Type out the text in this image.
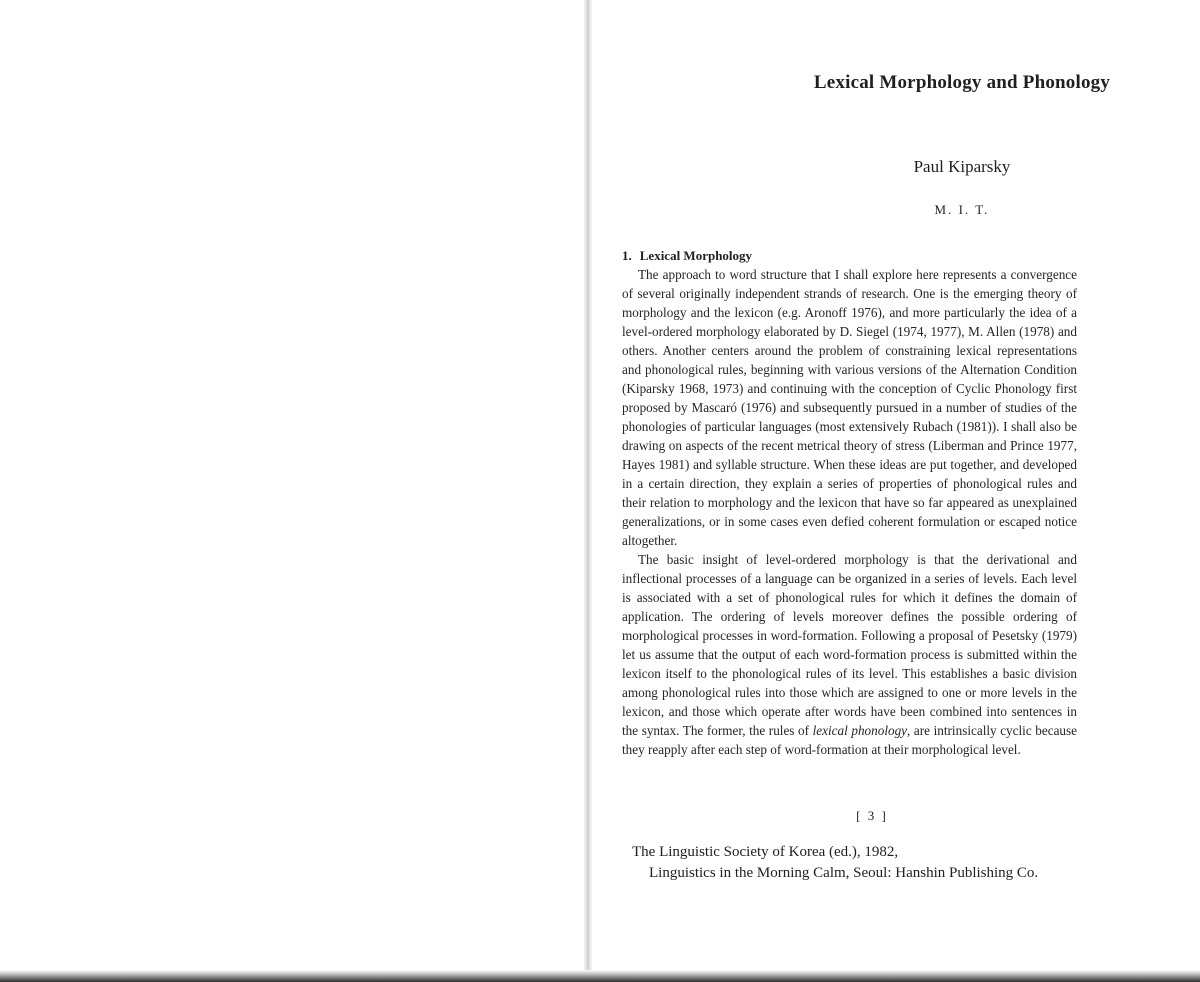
Lexical Morphology and Phonology
Paul Kiparsky
M. I. T.
1. Lexical Morphology

The approach to word structure that I shall explore here represents a convergence of several originally independent strands of research. One is the emerging theory of morphology and the lexicon (e.g. Aronoff 1976), and more particularly the idea of a level-ordered morphology elaborated by D. Siegel (1974, 1977), M. Allen (1978) and others. Another centers around the problem of constraining lexical representations and phonological rules, beginning with various versions of the Alternation Condition (Kiparsky 1968, 1973) and continuing with the conception of Cyclic Phonology first proposed by Mascaró (1976) and subsequently pursued in a number of studies of the phonologies of particular languages (most extensively Rubach (1981)). I shall also be drawing on aspects of the recent metrical theory of stress (Liberman and Prince 1977, Hayes 1981) and syllable structure. When these ideas are put together, and developed in a certain direction, they explain a series of properties of phonological rules and their relation to morphology and the lexicon that have so far appeared as unexplained generalizations, or in some cases even defied coherent formulation or escaped notice altogether.

The basic insight of level-ordered morphology is that the derivational and inflectional processes of a language can be organized in a series of levels. Each level is associated with a set of phonological rules for which it defines the domain of application. The ordering of levels moreover defines the possible ordering of morphological processes in word-formation. Following a proposal of Pesetsky (1979) let us assume that the output of each word-formation process is submitted within the lexicon itself to the phonological rules of its level. This establishes a basic division among phonological rules into those which are assigned to one or more levels in the lexicon, and those which operate after words have been combined into sentences in the syntax. The former, the rules of lexical phonology, are intrinsically cyclic because they reapply after each step of word-formation at their morphological level.

[ 3 ]
The Linguistic Society of Korea (ed.), 1982,
Linguistics in the Morning Calm, Seoul: Hanshin Publishing Co.
